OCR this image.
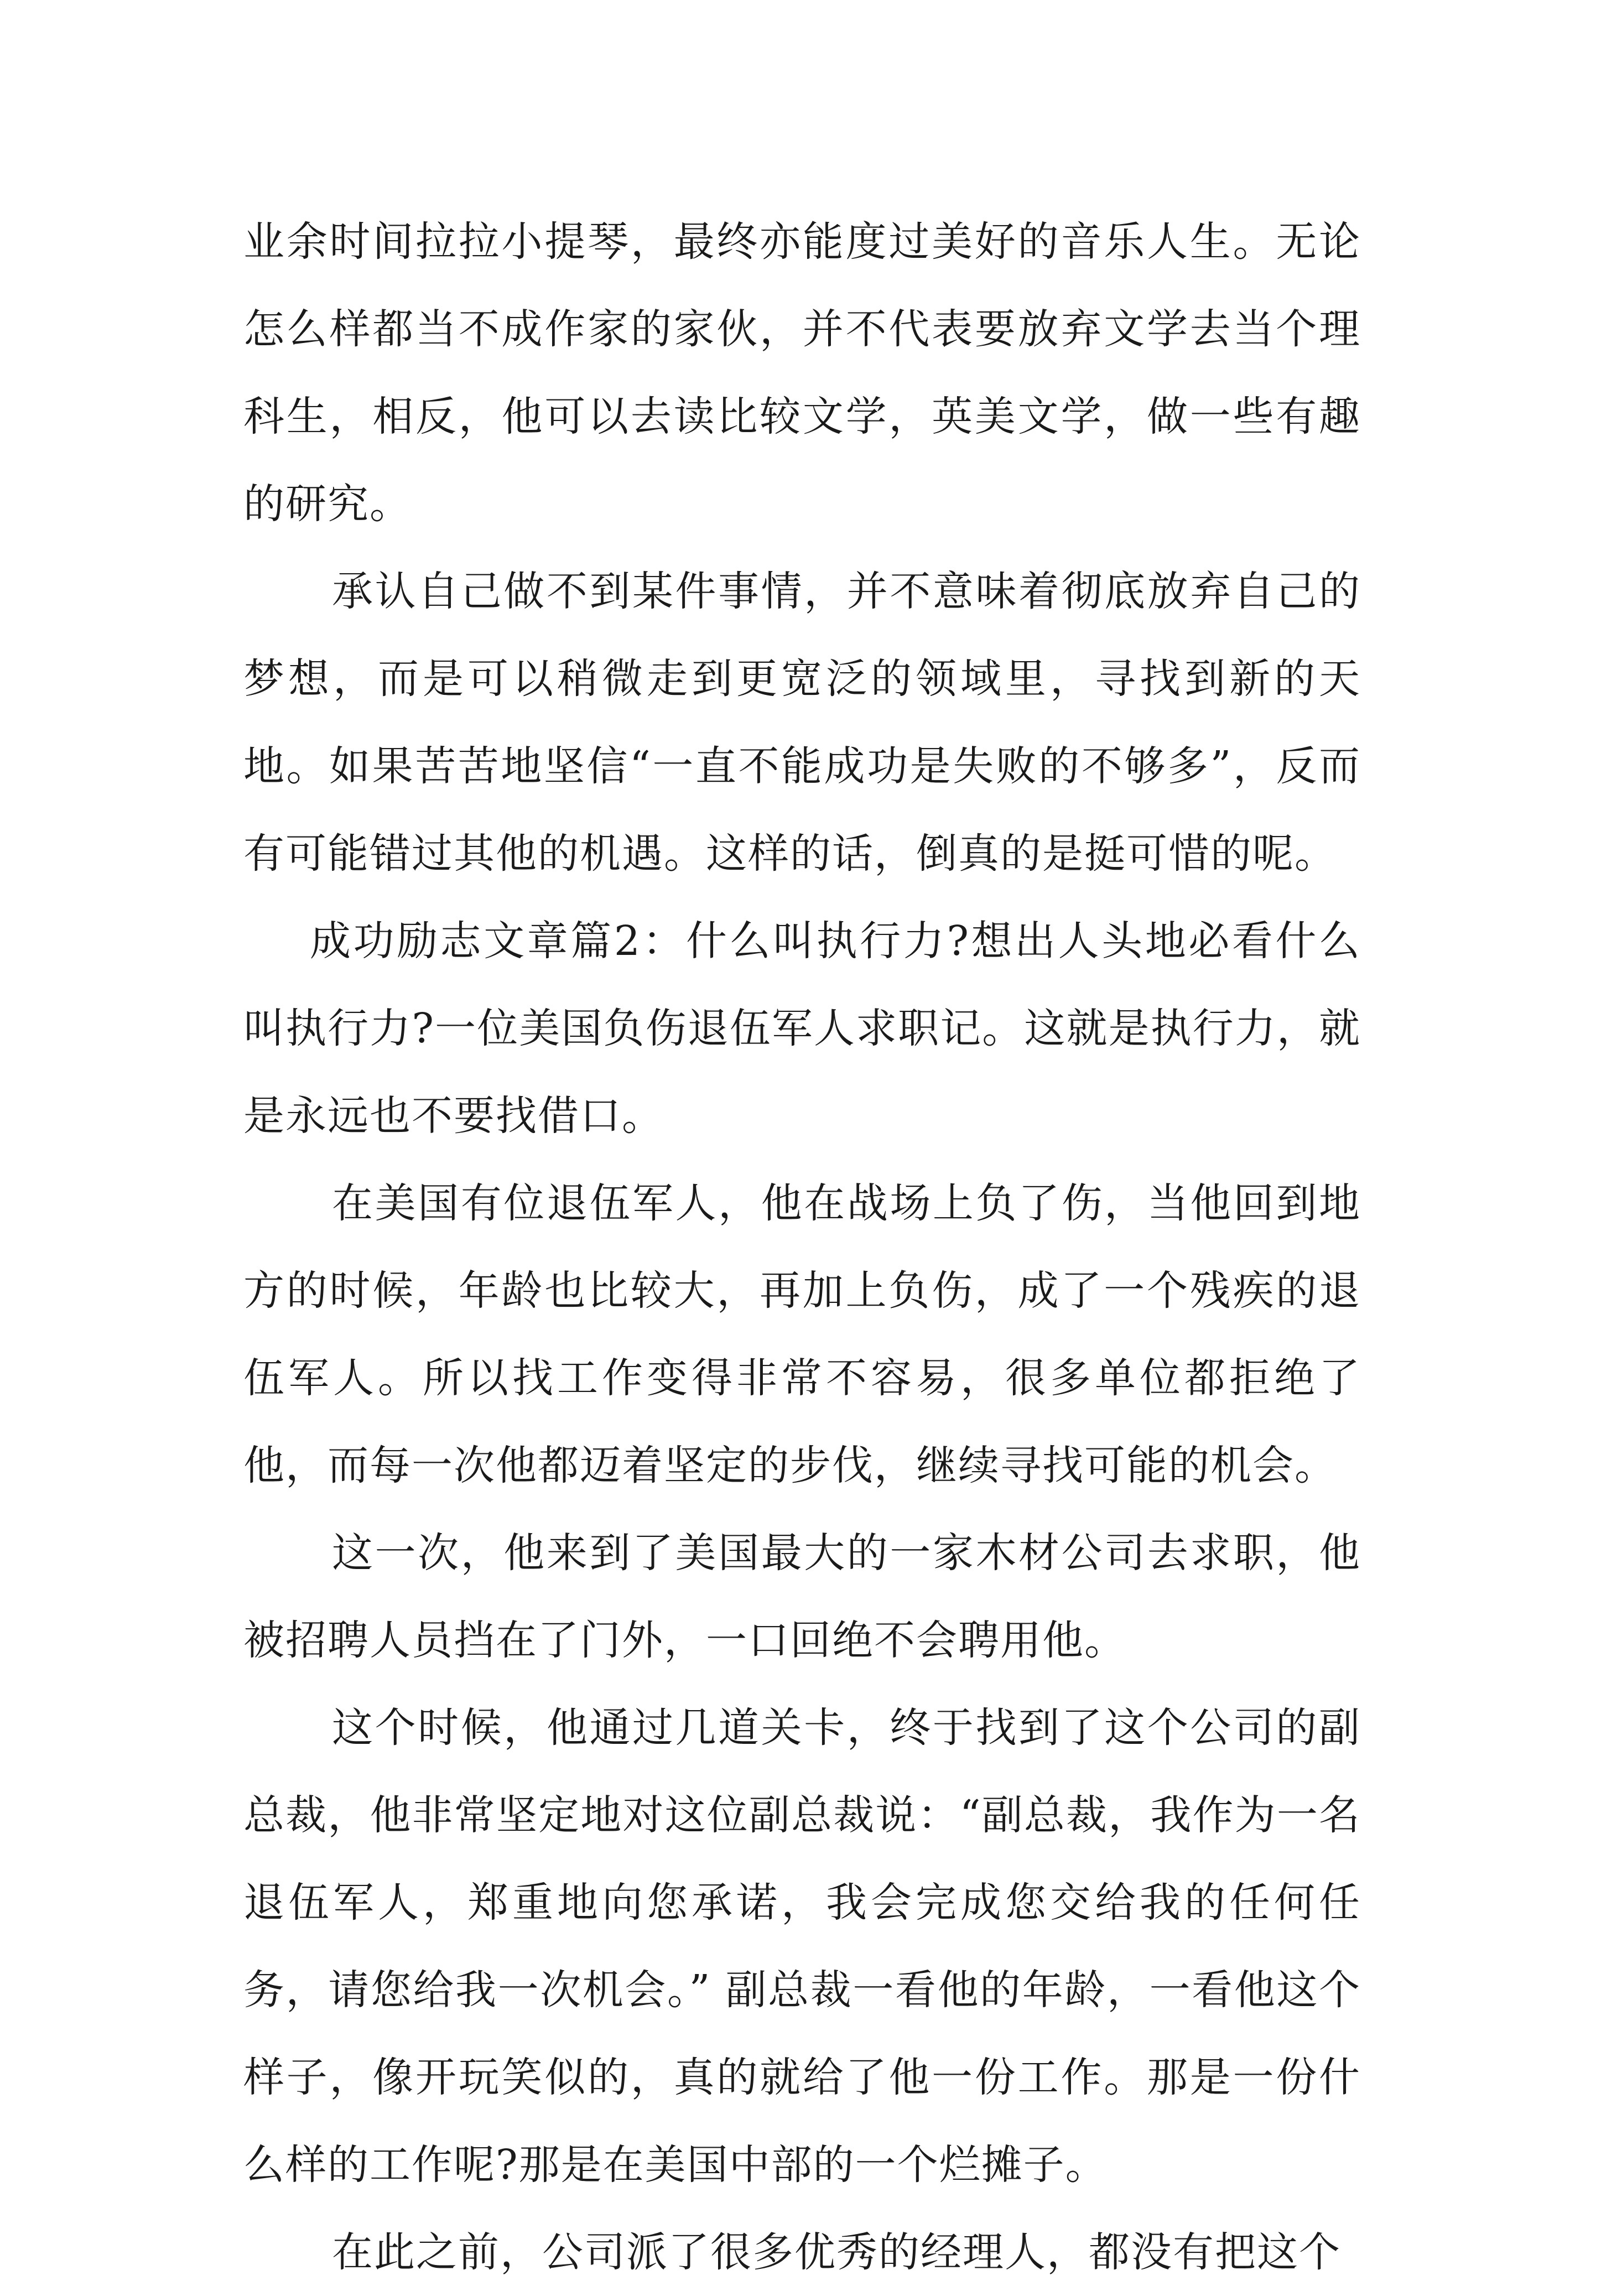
业余时间拉拉小提琴，最终亦能度过美好的音乐人生。无论怎么样都当不成作家的家伙，并不代表要放弃文学去当个理科生，相反，他可以去读比较文学，英美文学，做一些有趣的研究。

承认自己做不到某件事情，并不意味着彻底放弃自己的梦想，而是可以稍微走到更宽泛的领域里，寻找到新的天地。如果苦苦地坚信“一直不能成功是失败的不够多”，反而有可能错过其他的机遇。这样的话，倒真的是挺可惜的呢。

成功励志文章篇2：什么叫执行力?想出人头地必看什么叫执行力?一位美国负伤退伍军人求职记。这就是执行力，就是永远也不要找借口。

在美国有位退伍军人，他在战场上负了伤，当他回到地方的时候，年龄也比较大，再加上负伤，成了一个残疾的退伍军人。所以找工作变得非常不容易，很多单位都拒绝了他，而每一次他都迈着坚定的步伐，继续寻找可能的机会。

这一次，他来到了美国最大的一家木材公司去求职，他被招聘人员挡在了门外，一口回绝不会聘用他。

这个时候，他通过几道关卡，终于找到了这个公司的副总裁，他非常坚定地对这位副总裁说：“副总裁，我作为一名退伍军人，郑重地向您承诺，我会完成您交给我的任何任务，请您给我一次机会。” 副总裁一看他的年龄，一看他这个样子，像开玩笑似的，真的就给了他一份工作。那是一份什么样的工作呢?那是在美国中部的一个烂摊子。

在此之前，公司派了很多优秀的经理人，都没有把这个
